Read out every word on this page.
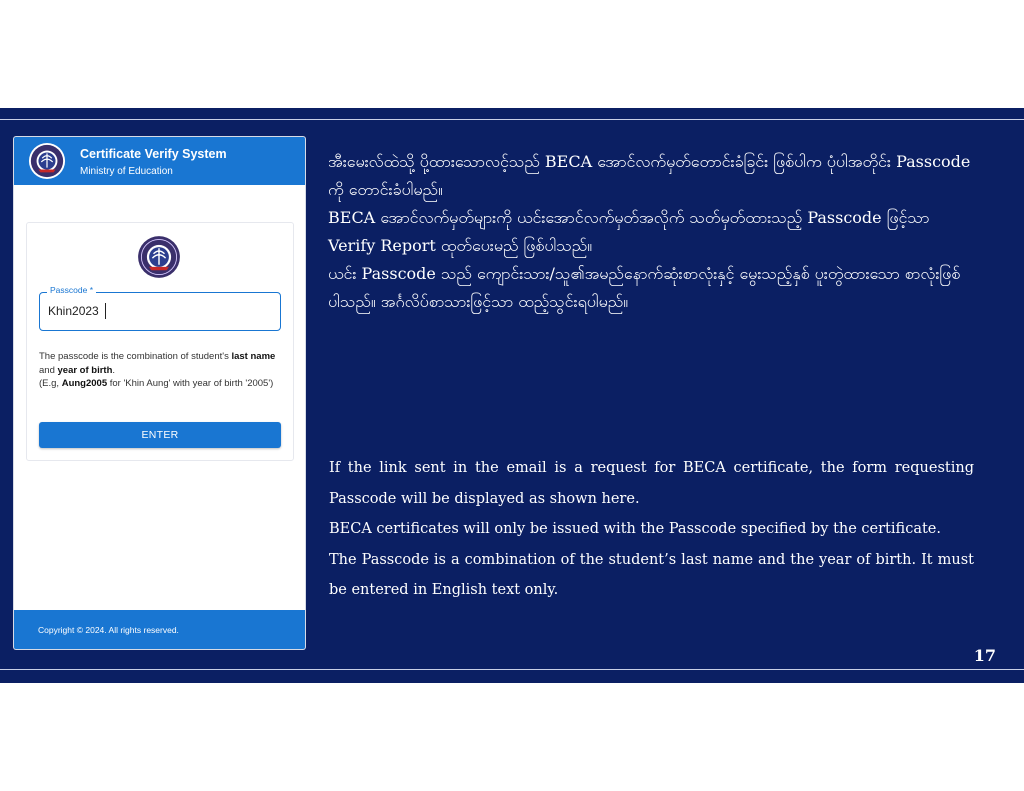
Certificate Verify System
Ministry of Education
Passcode *
Khin2023
The passcode is the combination of student's last name and year of birth.
(E.g, Aung2005 for 'Khin Aung' with year of birth '2005')
ENTER
Copyright © 2024. All rights reserved.

အီးမေးလ်ထဲသို့ ပို့ထားသောလင့်သည် BECA အောင်လက်မှတ်တောင်းခံခြင်း ဖြစ်ပါက ပုံပါအတိုင်း Passcode ကို တောင်းခံပါမည်။

BECA အောင်လက်မှတ်များကို ယင်းအောင်လက်မှတ်အလိုက် သတ်မှတ်ထားသည့် Passcode ဖြင့်သာ Verify Report ထုတ်ပေးမည် ဖြစ်ပါသည်။

ယင်း Passcode သည် ကျောင်းသား/သူ၏အမည်နောက်ဆုံးစာလုံးနှင့် မွေးသည့်နှစ် ပူးတွဲထားသော စာလုံးဖြစ်ပါသည်။ အင်္ဂလိပ်စာသားဖြင့်သာ ထည့်သွင်းရပါမည်။

If the link sent in the email is a request for BECA certificate, the form requesting Passcode will be displayed as shown here.

BECA certificates will only be issued with the Passcode specified by the certificate.

The Passcode is a combination of the student’s last name and the year of birth. It must be entered in English text only.

17
